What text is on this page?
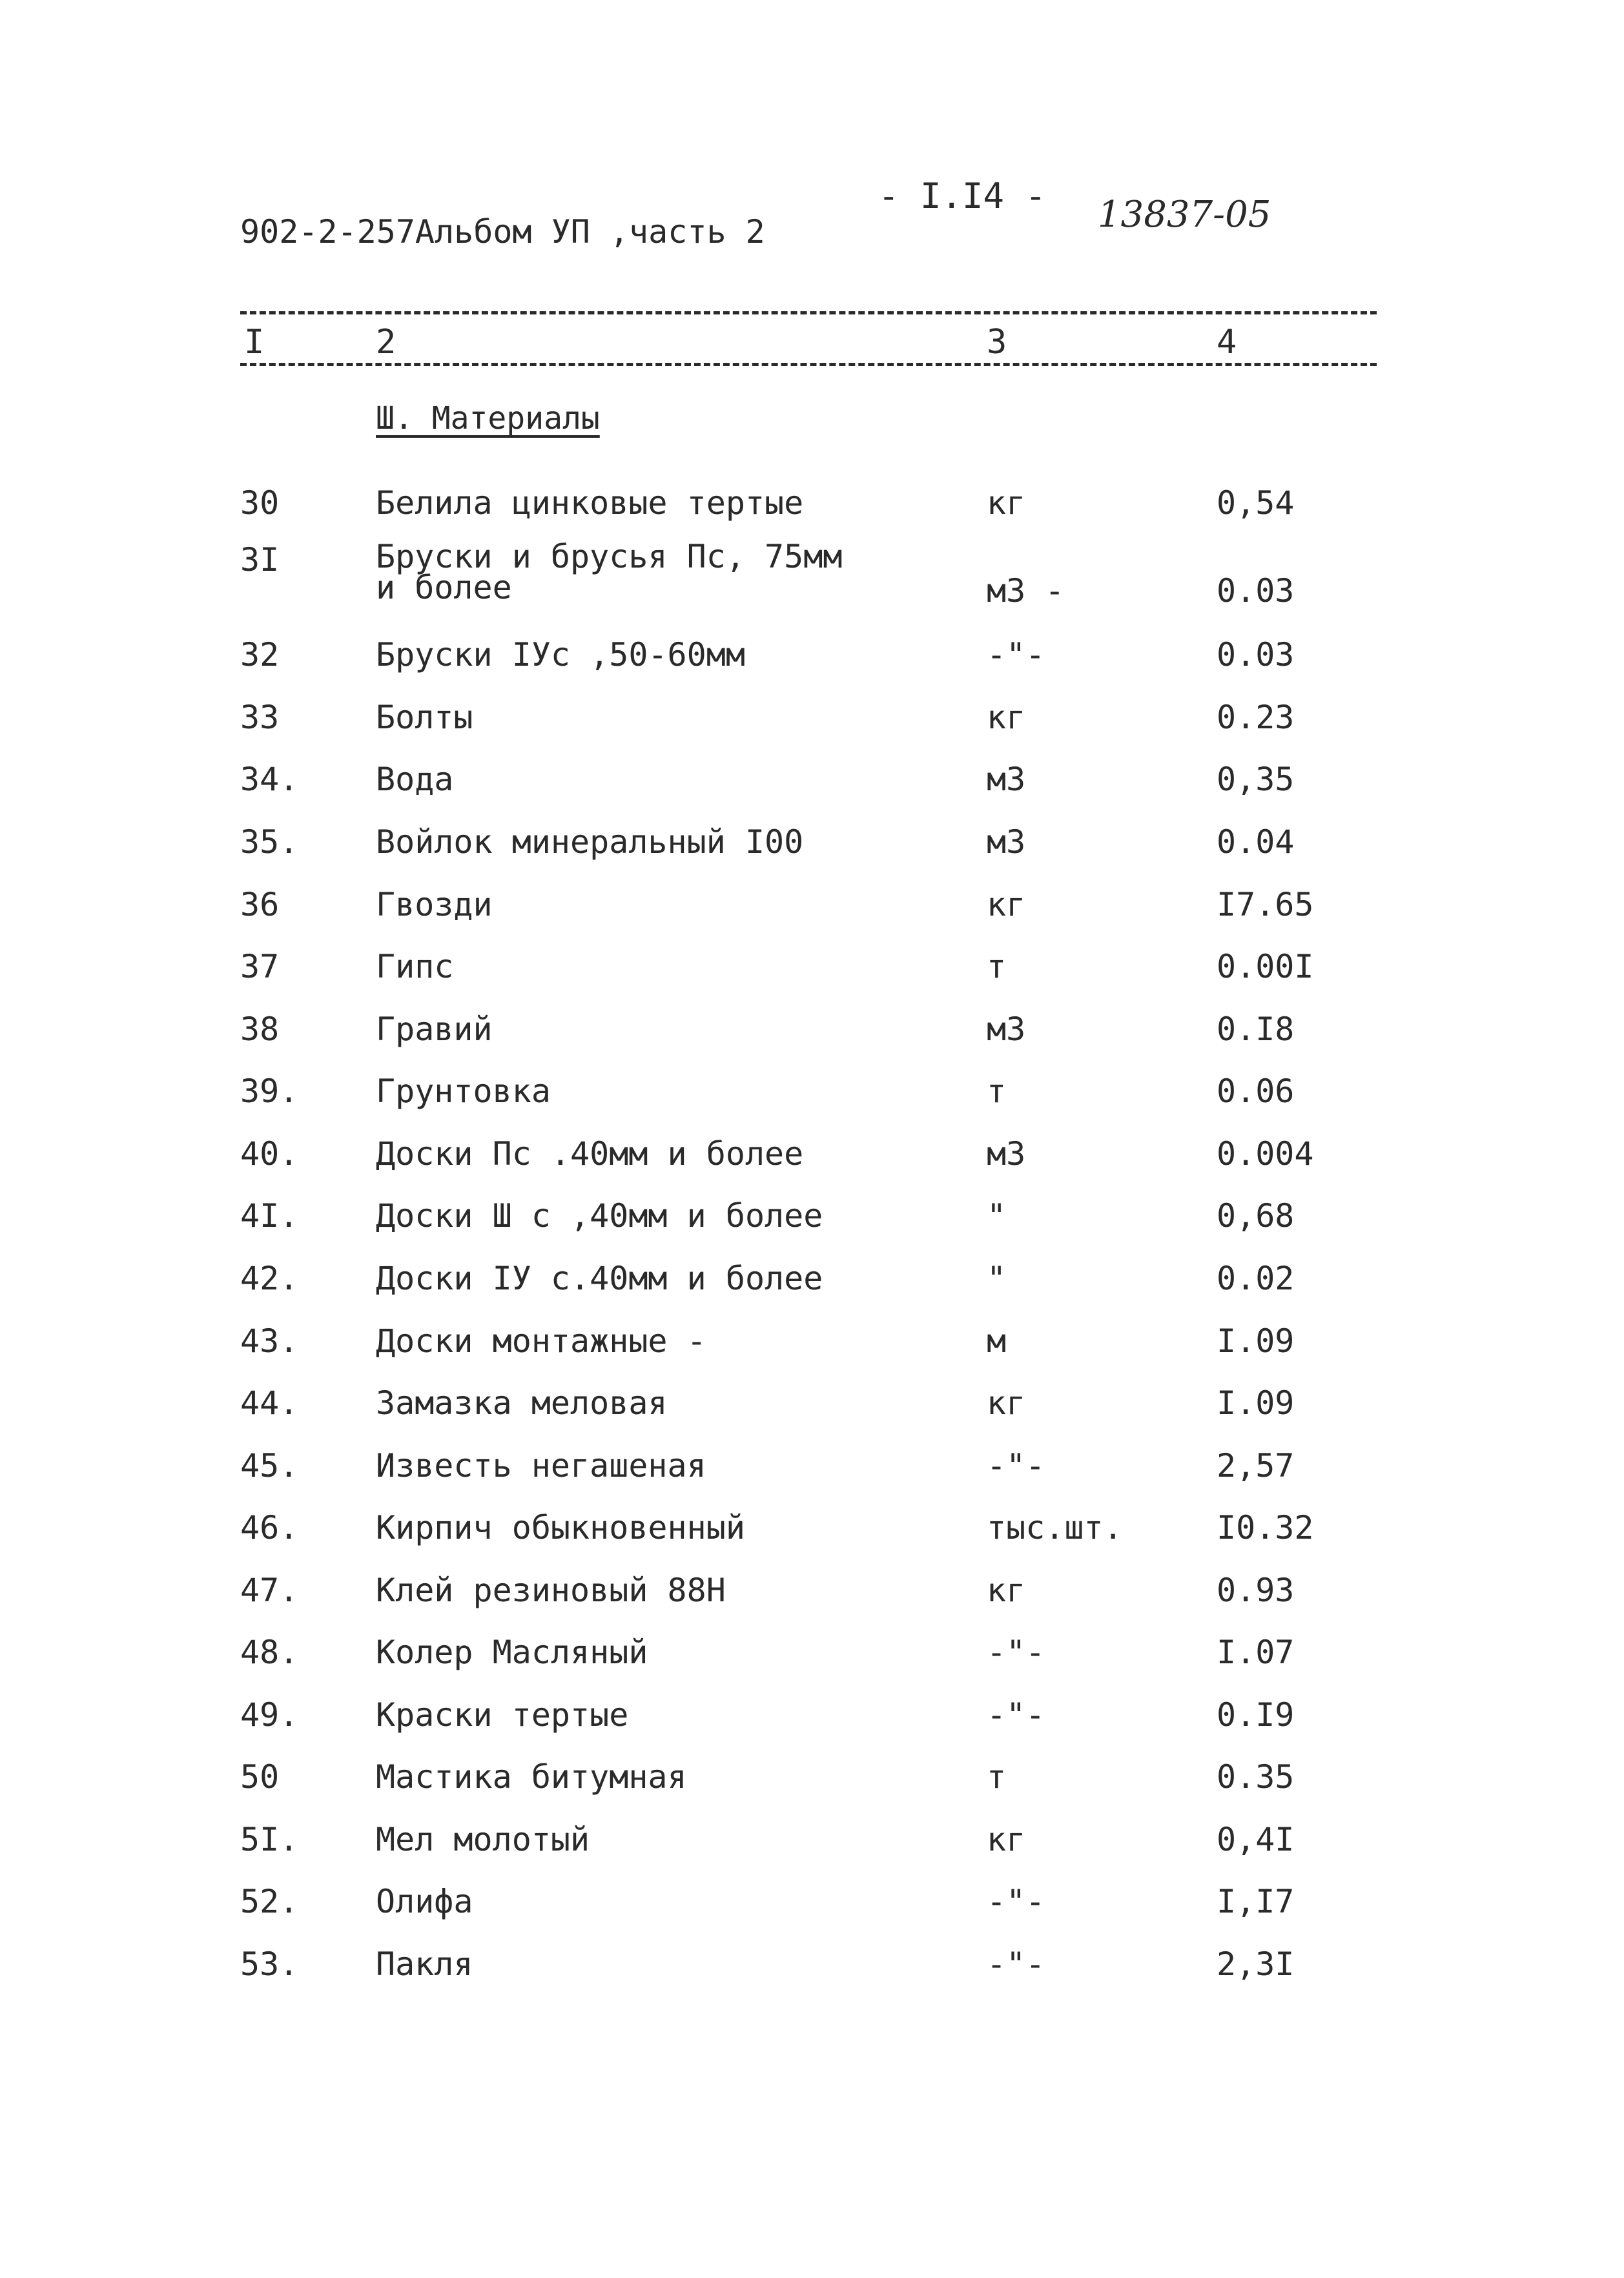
902-2-257Альбом УП ,часть 2
- I.I4 - 13837-05
I	2	3	4
Ш. Материалы
30	Белила цинковые тертые	кг	0,54
3I	Бруски и брусья Пс, 75мм и более	м3 -	0.03
32	Бруски IУс ,50-60мм	-"-	0.03
33	Болты	кг	0.23
34. Вода	м3	0,35
35. Войлок минеральный I00	м3	0.04
36	Гвозди	кг	I7.65
37	Гипс	т	0.00I
38	Гравий	м3	0.I8
39. Грунтовка	т	0.06
40. Доски Пс .40мм и более	м3	0.004
4I. Доски Ш с ,40мм и более	"	0,68
42. Доски IУ с.40мм и более	"	0.02
43. Доски монтажные -	м	I.09
44. Замазка меловая	кг	I.09
45. Известь негашеная	-"-	2,57
46. Кирпич обыкновенный	тыс.шт.	I0.32
47. Клей резиновый 88Н	кг	0.93
48. Колер Масляный	-"-	I.07
49. Краски тертые	-"-	0.I9
50	Мастика битумная	т	0.35
5I. Мел молотый	кг	0,4I
52. Олифа	-"-	I,I7
53. Пакля	-"-	2,3I
